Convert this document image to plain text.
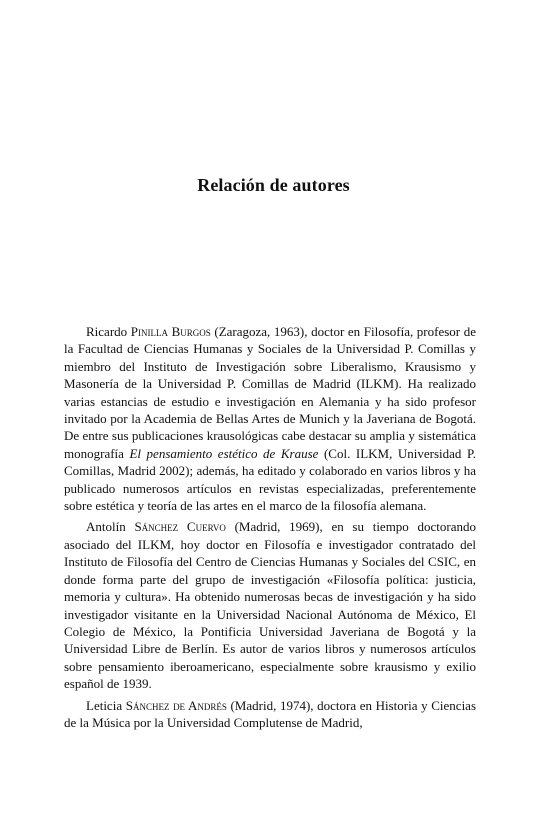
Relación de autores

Ricardo Pinilla Burgos (Zaragoza, 1963), doctor en Filosofía, profesor de la Facultad de Ciencias Humanas y Sociales de la Universidad P. Comillas y miembro del Instituto de Investigación sobre Liberalismo, Krausismo y Masonería de la Universidad P. Comillas de Madrid (ILKM). Ha realizado varias estancias de estudio e investigación en Alemania y ha sido profesor invitado por la Academia de Bellas Artes de Munich y la Javeriana de Bogotá. De entre sus publicaciones krausológicas cabe destacar su amplia y sistemática monografía El pensamiento estético de Krause (Col. ILKM, Universidad P. Comillas, Madrid 2002); además, ha editado y colaborado en varios libros y ha publicado numerosos artículos en revistas especializadas, preferentemente sobre estética y teoría de las artes en el marco de la filosofía alemana.

Antolín Sánchez Cuervo (Madrid, 1969), en su tiempo doctorando asociado del ILKM, hoy doctor en Filosofía e investigador contratado del Instituto de Filosofía del Centro de Ciencias Humanas y Sociales del CSIC, en donde forma parte del grupo de investigación «Filosofía política: justicia, memoria y cultura». Ha obtenido numerosas becas de investigación y ha sido investigador visitante en la Universidad Nacional Autónoma de México, El Colegio de México, la Pontificia Universidad Javeriana de Bogotá y la Universidad Libre de Berlín. Es autor de varios libros y numerosos artículos sobre pensamiento iberoamericano, especialmente sobre krausismo y exilio español de 1939.

Leticia Sánchez de Andrés (Madrid, 1974), doctora en Historia y Ciencias de la Música por la Universidad Complutense de Madrid,
